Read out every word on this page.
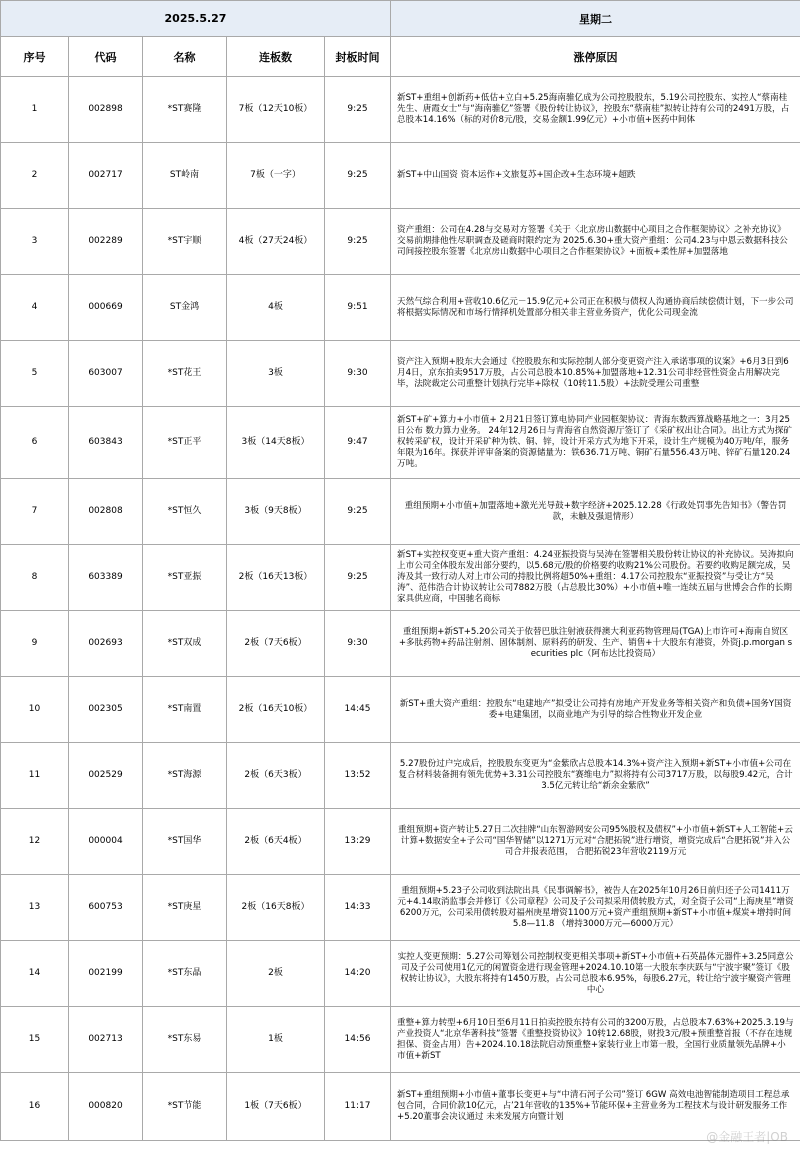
2025.5.27					星期二
序号	代码	名称	连板数	封板时间	涨停原因
1	002898	*ST赛隆	7板（12天10板）	9:25	新ST+重组+创新药+低估+立白+5.25海南骓亿成为公司控股股东，5.19公司控股东、实控人“蔡南桂先生、唐霞女士”与“海南骓亿”签署《股份转让协议》，控股东“蔡南桂”拟转让持有公司的2491万股，占总股本14.16%（标的对价8元/股，交易金额1.99亿元）+小市值+医药中间体
2	002717	ST岭南	7板（一字）	9:25	新ST+中山国资 资本运作+文旅复苏+国企改+生态环境+超跌
3	002289	*ST宇顺	4板（27天24板）	9:25	资产重组：公司在4.28与交易对方签署《关于〈北京房山数据中心项目之合作框架协议〉之补充协议》交易前期排他性尽职调查及磋商时限约定为 2025.6.30+重大资产重组：公司4.23与中恩云数据科技公司间接控股东签署《北京房山数据中心项目之合作框架协议》+面板+柔性屏+加盟落地
4	000669	ST金鸿	4板	9:51	天然气综合利用+营收10.6亿元－15.9亿元+公司正在积极与债权人沟通协商后续偿债计划，下一步公司将根据实际情况和市场行情择机处置部分相关非主营业务资产，优化公司现金流
5	603007	*ST花王	3板	9:30	资产注入预期+股东大会通过《控股股东和实际控制人部分变更资产注入承诺事项的议案》+6月3日到6月4日，京东拍卖9517万股，占公司总股本10.85%+加盟落地+12.31公司非经营性资金占用解决完毕，法院裁定公司重整计划执行完毕+除权（10转11.5股）+法院受理公司重整
6	603843	*ST正平	3板（14天8板）	9:47	新ST+矿+算力+小市值+ 2月21日签订算电协同产业园框架协议：青海东数西算战略基地之一：3月25日公布 数力算力业务。 24年12月26日与青海省自然资源厅签订了《采矿权出让合同》。出让方式为探矿权转采矿权，设计开采矿种为铁、铜、锌，设计开采方式为地下开采，设计生产规模为40万吨/年，服务年限为16年。探获并评审备案的资源储量为：铁636.71万吨、铜矿石量556.43万吨、锌矿石量120.24万吨。
7	002808	*ST恒久	3板（9天8板）	9:25	重组预期+小市值+加盟落地+激光光导鼓+数字经济+2025.12.28《行政处罚事先告知书》（警告罚款，未触及强退情形）
8	603389	*ST亚振	2板（16天13板）	9:25	新ST+实控权变更+重大资产重组：4.24亚振投资与吴涛在签署相关股份转让协议的补充协议。吴涛拟向上市公司全体股东发出部分要约，以5.68元/股的价格要约收购21%公司股份。若要约收购足额完成，吴涛及其一致行动人对上市公司的持股比例将超50%+重组：4.17公司控股东“亚振投资”与受让方“吴涛”、范伟浩合计协议转让公司7882万股（占总股比30%）+小市值+唯一连续五届与世博会合作的长期家具供应商，中国驰名商标
9	002693	*ST双成	2板（7天6板）	9:30	重组预期+新ST+5.20公司关于依替巴肽注射液获得澳大利亚药物管理局(TGA)上市许可+海南自贸区+多肽药物+药品注射剂、固体制剂、原料药的研发、生产、销售+十大股东有港资，外资j.p.morgan securities plc（阿布达比投资局）
10	002305	*ST南置	2板（16天10板）	14:45	新ST+重大资产重组：控股东“电建地产”拟受让公司持有房地产开发业务等相关资产和负债+国务Y国资委+电建集团，以商业地产为引导的综合性物业开发企业
11	002529	*ST海源	2板（6天3板）	13:52	5.27股份过户完成后，控股股东变更为“金紫欣占总股本14.3%+资产注入预期+新ST+小市值+公司在复合材料装备拥有领先优势+3.31公司控股东“赛维电力”拟将持有公司3717万股，以每股9.42元，合计3.5亿元转让给“新余金紫欣”
12	000004	*ST国华	2板（6天4板）	13:29	重组预期+资产转让5.27日二次挂牌“山东智游网安公司95%股权及债权”+小市值+新ST+人工智能+云计算+数据安全+子公司“国华智储”以1271万元对“合肥拓锐”进行增资，增资完成后“合肥拓锐”并入公司合并报表范围， 合肥拓锐23年营收2119万元
13	600753	*ST庚星	2板（16天8板）	14:33	重组预期+5.23子公司收到法院出具《民事调解书》，被告人在2025年10月26日前归还子公司1411万元+4.14取消监事会并修订《公司章程》公司及子公司拟采用债转股方式，对全资子公司“上海庚星”增资6200万元，公司采用债转股对福州庚星增资1100万元+资产重组预期+新ST+小市值+煤炭+增持时间 5.8—11.8 （增持3000万元—6000万元）
14	002199	*ST东晶	2板	14:20	实控人变更预期：5.27公司筹划公司控制权变更相关事项+新ST+小市值+石英晶体元器件+3.25同意公司及子公司使用1亿元的闲置资金进行现金管理+2024.10.10第一大股东李庆跃与“宁波宇聚”签订《股权转让协议》，大股东将持有1450万股，占公司总股本6.95%，每股6.27元，转让给宁波宇聚资产管理中心
15	002713	*ST东易	1板	14:56	重整+算力转型+6月10日至6月11日拍卖控股东持有公司的3200万股，占总股本7.63%+2025.3.19与产业投资人“北京华著科技”签署《重整投资协议》10转12.68股，财投3元/股+预重整首报（不存在违规担保、资金占用）告+2024.10.18法院启动预重整+家装行业上市第一股，全国行业质量领先品牌+小市值+新ST
16	000820	*ST节能	1板（7天6板）	11:17	新ST+重组预期+小市值+董事长变更+与“中清石河子公司”签订 6GW 高效电池智能制造项目工程总承包合同，合同价款10亿元，占’21年营收的135%+节能环保+主营业务为工程技术与设计研发服务工作+5.20董事会决议通过 未来发展方向暨计划
@金融王者|OB
